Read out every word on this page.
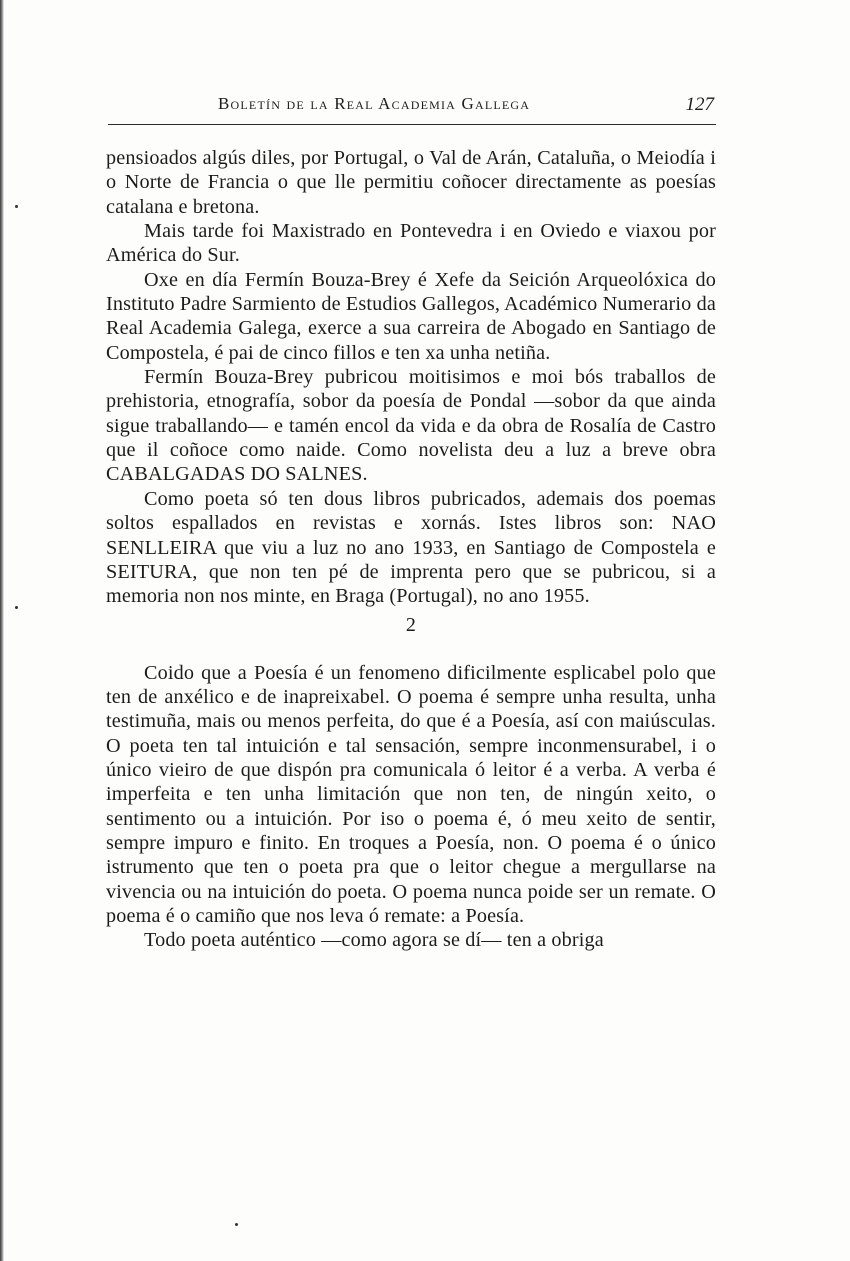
Boletín de la Real Academia Gallega	127

pensioados algús diles, por Portugal, o Val de Arán, Cataluña, o Meiodía i o Norte de Francia o que lle permitiu coñocer directamente as poesías catalana e bretona.

Mais tarde foi Maxistrado en Pontevedra i en Oviedo e viaxou por América do Sur.

Oxe en día Fermín Bouza-Brey é Xefe da Seición Arqueolóxica do Instituto Padre Sarmiento de Estudios Gallegos, Académico Numerario da Real Academia Galega, exerce a sua carreira de Abogado en Santiago de Compostela, é pai de cinco fillos e ten xa unha netiña.

Fermín Bouza-Brey pubricou moitisimos e moi bós traballos de prehistoria, etnografía, sobor da poesía de Pondal —sobor da que ainda sigue traballando— e tamén encol da vida e da obra de Rosalía de Castro que il coñoce como naide. Como novelista deu a luz a breve obra CABALGADAS DO SALNES.

Como poeta só ten dous libros pubricados, ademais dos poemas soltos espallados en revistas e xornás. Istes libros son: NAO SENLLEIRA que viu a luz no ano 1933, en Santiago de Compostela e SEITURA, que non ten pé de imprenta pero que se pubricou, si a memoria non nos minte, en Braga (Portugal), no ano 1955.

2

Coido que a Poesía é un fenomeno dificilmente esplicabel polo que ten de anxélico e de inapreixabel. O poema é sempre unha resulta, unha testimuña, mais ou menos perfeita, do que é a Poesía, así con maiúsculas. O poeta ten tal intuición e tal sensación, sempre inconmensurabel, i o único vieiro de que dispón pra comunicala ó leitor é a verba. A verba é imperfeita e ten unha limitación que non ten, de ningún xeito, o sentimento ou a intuición. Por iso o poema é, ó meu xeito de sentir, sempre impuro e finito. En troques a Poesía, non. O poema é o único istrumento que ten o poeta pra que o leitor chegue a mergullarse na vivencia ou na intuición do poeta. O poema nunca poide ser un remate. O poema é o camiño que nos leva ó remate: a Poesía.

Todo poeta auténtico —como agora se dí— ten a obriga
